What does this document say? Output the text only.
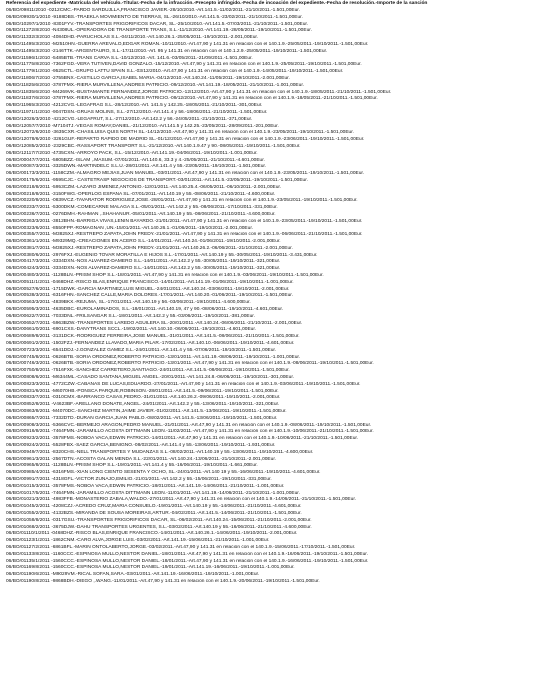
Referencia del expediente -Matrícula del vehículo.-Titular.-Fecha de la infracción.-Precepto infringido.-Fecha de incoación del expediente.-Fecha de resolución.-Importe de la sanción
06/BO/09811/2010 -0212CMC.-PARDO SARDUJLLA,FRANCISCO JAVIER.-28/10/2010.-Art.141.5.-11/02/2011.-21/10/2011.-1.501,00Eur.
06/BO/09930/1/2010 -9188DBS.-TRAEKLA MOVIMIENTO DE TIERRAS, SL.-26/10/2010.-Art.141.5.-23/02/2011.-21/10/2011.-1.501,00Eur.
06/BO/10297/1/2010 -8301FYV.-TRANSPORTES FRIGORIFICOS DACAR, SL.-25/10/2010.-Art.141.5.-07/03/2011.-21/10/2011.-1.501,00Eur.
06/BO/11272/8/2010 -N4308UL.-OPERADORA DE TRANSPORTE TRANS, S.L.-11/12/2010.-Art.141.19.-28/05/2011.-19/10/2011.-1.501,00Eur.
06/BO/11332/3/2010 -4084DHD.-PARUCHOLAS S.L.-04/11/2010.-Art.140.26.1.-25/05/2011.-19/10/2011.-2.001,00Eur.
06/BO/11495/3/2010 -M2510HN.-GUERRA AREVALO,EDGAR ROMAN.-10/11/2010.-Art.47,90 y 141.31 en relación con el 140.1.9.-25/05/2011.-19/10/2011.-1.501,00Eur.
06/BO/11495/3/2010 -2146TTK.-ARGENTAURO, S.L.-17/11/2010.-Art. 95 y 141.31 en relación con el 140.1.2.9.-25/05/2011.-19/10/2011.-1.501,00Eur.
06/BO/11596/1/2010 -5485BTB.-TRANS CARVA S.L.-10/12/2010.-Art. 141.6.-03/05/2011.-21/09/2011.-1.501,00Eur.
06/BO/11775/8/2010 -7362FGD.-VERA TUTIVEN,DAVID GONZALO.-15/12/2010.-Art.47,90 y 141.31 en relación con el 140.1.9.-25/05/2011.-19/10/2011.-1.501,00Eur.
06/BO/11779/1/2010 -9525CTL.-GRUPO LATTU SPAIN S.L.-03/12/2010.-Art.47,90 y 141.31 en relación con el 140.1.9.-14/05/2011.-19/10/2011.-1.501,00Eur.
06/BO/11806/7/2010 -2755BNX.-CASTILLO GARCIA,ISABEL MARIA.-04/12/2010.-Art.140.24.-11/05/2011.-19/10/2011.-2.001,00Eur.
06/BO/11825/6/2010 -3787FMX.-RIERA MURVILLENA,ANDRES PATRICIO.-09/12/2010.-Art.141.19.-18/05/2011.-21/10/2011.-1.001,00Eur.
06/BO/11835/6/2010 -M4269VK.-BUSTAMANTE FERNANDEZ,JORGE PATRICIO.-12/12/2010.-Art.47,90 y 141.31 en relación con el 140.1.9.-18/05/2011.-21/10/2011.-1.501,00Eur.
06/BO/11837/6/2010 -3787FMX.-RIERA MURVILLENA,ANDRES PATRICIO.-09/12/2010.-Art.47,90 y 141.31 en relación con el 140.1.9.-18/05/2011.-21/10/2011.-1.501,00Eur.
06/BO/11965/3/2010 -4212CVG.-LEGAFRAG S.L.-28/12/2010.-Art. 141.5 y 142.25.-18/05/2011.-21/10/2011.-301,00Eur.
06/BO/11971/1/2010 -9047DSN.-GRUAS MOLINS, S.L.-27/12/2010.-Art.141.4 y 56.-18/06/2011.-21/10/2011.-1.501,00Eur.
06/BO/12026/3/2010 -4212CVG.-LEGAFRUT, S.L.-27/12/2010.-Art.142.2 y 56.-24/05/2011.-21/10/2011.-371,00Eur.
06/BO/12057/7/2010 -M7104TJ.-VEGAS ROMAY,DANIEL.-21/12/2010.-Art.141.5 y 142.25.-23/05/2011.-28/09/2011.-201,00Eur.
06/BO/12072/6/2010 -3635CXR.-CHASILUISA QUIS NORTH SL.-14/12/2010.-Art.47,90 y 141.31 en relación con el 140.1.9.-23/05/2011.-19/10/2011.-1.501,00Eur.
06/BO/12078/6/2010 -3261GUF.-REPARTO RAPIDO DE MADRID SL.-01/12/2010.-Art.47,90 y 141.31 en relación con el 140.1.9.-23/06/2011.-19/10/2011.-1.501,00Eur.
06/BO/12085/2/2010 -2329CBC.-RASSAPORT TRANSPORT S.L.-21/12/2010.-Art.140.1.9.47 y 90.-08/05/2011.-19/10/2011.-1.501,00Eur.
06/BO/12117/7/2010 -4735CXN.-ARROYO PACK, S.L.-15/12/2010.-Art.141.19.-04/06/2011.-19/10/2011.-1.001,00Eur.
06/BO/00047/7/2011 -5805BZZ.-ISLAM ,.MASUM.-07/01/2011.-Art.140.6, 33.3 y 4.-25/05/2011.-21/10/2011.-4.601,00Eur.
06/BO/00087/3/2011 -3325DWN.-MARTINDELC S.L.U.-28/01/2011.-Art.141.4 y 55.-23/05/2011.-19/10/2011.-1.501,00Eur.
06/BO/00173/3/2011 -1158CZM.-ALMAGRO MEJIAS,JUAN MANUEL.-03/01/2011.-Art.47,90 y 141.31 en relación con el 140.1.9.-23/05/2011.-19/10/2011.-1.501,00Eur.
06/BO/00175/6/2011 -9595CJC.- CASTETRASP NEGOCIOS DE TRANSPORT.-03/01/2011.-Art.141.5.-23/05/2011.-19/10/2011.-1.501,00Eur.
06/BO/00218/8/2011 -5953CZM.-LAZARO JIMENEZ,ANTONIO.-12/01/2011.-Art.140.25.4.-06/05/2011.-06/10/2011.-2.001,00Eur.
06/BO/00218/8/2011 -3150FWG.-OPERLOG ESPAÑA SL.-07/01/2011.-Art.140.19 y 55.-08/06/2011.-21/10/2011.-4.600,00Eur.
06/BO/00220/8/2011 -0839VCZ.-TAVARATOR RODRIGUEZ,JOSE.-28/01/2011.-Art.47,90 y 141.31 en relación con el 140.1.9.-23/05/2011.-19/10/2011.-1.501,00Eur.
06/BO/00233/7/2011 -5300DKM.-COMECARNE MALAGA S.L.-05/01/2011.-Art.142.2 y 55.-08/06/2011.-17/10/2011.-331,00Eur.
06/BO/00236/7/2011 -0276DMH.-RAHMAN ,.SHAHANUR.-05/01/2011.-Art.140.19 y 55.-08/06/2011.-21/10/2011.-4.600,00Eur.
06/BO/00263/3/2011 -3812BHN.-BARRIGA VIVAS,LENIN BAYARDO.-21/01/2011.-Art.47,90 y 141.31 en relación con el 140.1.9.-23/05/2011.-19/10/2011.-1.501,00Eur.
06/BO/00323/6/2011 -8550FPP.-ROMAGNAN ,UN.-15/01/2011.-Art.140.26.1.-01/06/2011.-19/10/2011.-2.001,00Eur.
06/BO/00355/7/2011 -M3825XJ.-RESTREPO ZAPATA,JOHN FREDY.-21/01/2011.-Art.47,90 y 141.31 en relación con el 140.1.9.-06/06/2011.-21/10/2011.-1.501,00Eur.
06/BO/00361/1/2011 -M9329MQ.-CREACIONES EN ACERO S.L.-14/01/2011.-Art.140.24.-01/06/2011.-19/10/2011.-2.001,00Eur.
06/BO/00381/7/2011 -M3825XJ.-RESTREPO ZAPATA,JOHN FREDY.-21/01/2011.-Art.140.26.2.-06/06/2011.-21/10/2011.-2.001,00Eur.
06/BO/00380/6/2011 -2976FXJ.-EUGENIO TOVAR MORATILLA E HIJOS S.L.-17/01/2011.-Art.140.19 y 55.-30/05/2011.-19/10/2011.-3.431,00Eur.
06/BO/00417/3/2011 -3334DXN.-NOS ALVAREZ-DAMERO S.L.-14/01/2011.-Art.142.2 y 55.-30/05/2011.-19/10/2011.-321,00Eur.
06/BO/00424/3/2011 -3334DXN.-NOS ALVAREZ-DAMERO S.L.-14/01/2011.-Art.142.2 y 55.-30/05/2011.-19/10/2011.-321,00Eur.
06/BO/00480/3/2011 -1128BLN.-PRISM SHOP S.L.-18/01/2011.-Art.47,90 y 141.31 en relación con el 140.1.9.-03/06/2011.-19/10/2011.-1.501,00Eur.
06/BO/00511/1/2011 -0468DHZ.-RISCO BLAS,ENRIQUE FRANCISCO.-14/01/2011.-Art.141.19.-01/06/2011.-19/10/2011.-1.001,00Eur.
06/BO/00527/6/2011 -1715DWK.-GARCIA MARTINEZ,LUIS MIGUEL.-24/01/2011.-Art.140.24.-03/06/2011.-19/10/2011.-2.001,00Eur.
06/BO/00538/3/2011 -6316FHN.-SANCHEZ CALLE,MARIA DOLORES.-17/01/2011.-Art.140.20.-01/06/2011.-19/10/2011.-1.501,00Eur.
06/BO/00563/3/2011 -4839BKX.-REJUMA, SL.-17/01/2011.-Art.140.19 y 56.-03/06/2011.-19/10/2011.-4.600,00Eur.
06/BO/00595/3/2011 -4635DBC.-EUROLAMINADOS, S.L.-18/01/2011.-Art.140.19, 47 y 90.-08/06/2011.-19/10/2011.-4.601,00Eur.
06/BO/00622/7/2011 -7033DNL.-FRILSANGAR S.L.-18/01/2011.-Art.142.2 y 55.-03/06/2011.-19/10/2011.-381,00Eur.
06/BO/00652/7/2011 -5963BZW.-TRANSPORTES LAREDO AGUILERA SL.-20/01/2011.-Art.140.24.-06/06/2011.-21/10/2011.-2.001,00Eur.
06/BO/00661/0/2011 -6901CXS.-DANYTRANS SCCL.-19/02/2011.-Art.140.10.-06/06/2011.-19/10/2011.-4.601,00Eur.
06/BO/00689/8/2011 -3131DCK.-RODRIGUEZ FERREIRA,JOSE MANUEL.-31/01/2011.-Art.141.5.-08/06/2011.-21/10/2011.-1.501,00Eur.
06/BO/00691/2/2011 -1502FZJ.-FERNANDEZ LLAVADO,MARIA PILAR.-17/02/2011.-Art.140.10.-06/06/2011.-19/10/2011.-4.601,00Eur.
06/BO/00723/3/2011 -6541DDJ.-J.GONZALEZ GAMEZ S.L.-24/01/2011.-Art.141.4 y 55.-07/06/2011.-19/10/2011.-1.501,00Eur.
06/BO/00745/8/2011 -0626BTB.-SORIA ORDOÑEZ,ROBERTO PATRICIO.-13/01/2011.-Art.141.19.-08/06/2011.-19/10/2011.-1.001,00Eur.
06/BO/00746/3/2011 -0626BTB.-SORIA ORDOÑEZ,ROBERTO PATRICIO.-13/01/2011.-Art.47,90 y 141.31 en relación con el 140.1.9.-08/06/2011.-19/10/2011.-1.501,00Eur.
06/BO/00750/8/2011 -7516FXK.-SANCHEZ CARRETERO,SANTIAGO.-24/01/2011.-Art.141.5.-08/06/2011.-19/10/2011.-1.501,00Eur.
06/BO/00808/6/2011 -M6344ML.-CASADO SANTANA,MIGUEL ANGEL.-20/01/2011.-Art.141.24.8.-06/06/2011.-19/10/2011.-301,00Eur.
06/BO/00823/3/2011 -4772CZW.-CABAÑAS DE LUCAS,EDUARDO.-27/01/2011.-Art.47,90 y 141.31 en relación con el 140.1.9.-03/06/2011.-19/10/2011.-1.501,00Eur.
06/BO/00831/6/2011 -M6070HB.-PONSCA PARQUE,ROBINSON.-28/01/2011.-Art.141.5.-09/06/2011.-19/10/2011.-1.501,00Eur.
06/BO/00833/7/2011 -0310CMX.-BARRANCO CASAS,PEDRO.-31/01/2011.-Art.140.26.2.-09/06/2011.-19/10/2011.-2.001,00Eur.
06/BO/00852/8/2011 -V4623BF.-ARELLANO DONATE,ANGEL.-24/01/2011.-Art.142.2 y 55.-13/06/2011.-19/10/2011.-321,00Eur.
06/BO/00863/8/2011 -M4070DC.-SANCHEZ MARTIN,JAIME JAVIER.-01/02/2011.-Art.141.5.-13/06/2011.-19/10/2011.-1.501,00Eur.
06/BO/00865/7/2011 -7332DTD.-DURAN GARCIA,JUAN PABLO.-08/02/2011.-Art.141.5.-13/06/2011.-19/10/2011.-1.501,00Eur.
06/BO/00908/3/2011 -5366CVC.-BERMEJO ARAGON,PEDRO MANUEL.-21/01/2011.-Art.47,90 y 141.31 en relación con el 140.1.9.-08/06/2011.-19/10/2011.-1.501,00Eur.
06/BO/00916/8/2011 -7464FMN.-JARAMILLO ACOSTA DITTMANN LEON.-11/02/2011.-Art.47,90 y 141.31 en relación con el 140.1.9.-10/06/2011.-21/10/2011.-1.501,00Eur.
06/BO/00923/2/2011 -3578FMS.-NOBOA VACA,EDWIN PATRICIO.-14/01/2011.-Art.47,90 y 141.31 en relación con el 140.1.9.-10/06/2011.-21/10/2011.-1.501,00Eur.
06/BO/00924/2/2011 -5528FBX.-SAEZ GARCIA,BENIGNO.-08/02/2011.-Art.141.4 y 55.-13/06/2011.-19/10/2011.-1.931,00Eur.
06/BO/00949/7/2011 -8320CHS.-NELL TRANSPORTES Y MUDANZAS S.L.-08/02/2011.-Art.140.19 y 55.-13/06/2011.-19/10/2011.-4.600,00Eur.
06/BO/00961/3/2011 -2567DTN.-ACOSTA GALAN MENDA S.L.-22/01/2011.-Art.140.24.-13/06/2011.-21/10/2011.-2.001,00Eur.
06/BO/00965/8/2011 -1128BLN.-PRISM SHOP S.L.-19/01/2011.-Art.141.4 y 55.-16/06/2011.-19/10/2011.-1.661,00Eur.
06/BO/00985/4/2011 -6316FMS.-XIAN LONG CIENTO SESENTA Y OCHO, SL.-24/01/2011.-Art.140 19 y 55.-16/06/2011.-19/10/2011.-4.601,00Eur.
06/BO/00991/7/2011 -4318GFL.-VICTOR ZUNAJO,EMILIO.-21/01/2011.-Art.142.2 y 55.-15/06/2011.-19/10/2011.-331,00Eur.
06/BO/01015/3/2011 -3578FMS.-NOBOA VACA,EDWIN PATRICIO.-18/01/2011.-Art.141.19.-14/06/2011.-21/10/2011.-1.001,00Eur.
06/BO/01017/5/2011 -7464FMN.-JARAMILLO ACOSTA DITTMANN LEON.-11/01/2011.-Art.141.19.-14/06/2011.-21/10/2011.-1.001,00Eur.
06/BO/01021/3/2011 -4983FFB.-MONASTERIO ZABALA,WALDO.-27/01/2011.-Art.47,90 y 141.31 en relación con el 140.1.9.-14/06/2011.-21/10/2011.-1.501,00Eur.
06/BO/01045/2/2011 -4208CZJ.-ACREDO CRUZ,MARIA CONSUELO.-19/01/2011.-Art.140.19 y 55.-14/06/2011.-21/10/2011.-4.601,00Eur.
06/BO/01055/2/2011 -4132BZS.-MIRANDA DE SOUSA MOREIRAS,ARTUR.-04/02/2011.-Art.141.5.-14/06/2011.-21/10/2011.-1.501,00Eur.
06/BO/01058/8/2011 -0317GSU.-TRANSPORTES FRIGORIFICOS DACAR, SL.-06/02/2011.-Art.140.24.-15/06/2011.-21/10/2011.-2.001,00Eur.
06/BO/01068/2/2011 -3675DJW.-DAHU TRANSPORTES URGENTES, S.L.-03/02/2011.-Art.140.19 y 55.-16/06/2011.-21/10/2011.-4.600,00Eur.
06/BO/01110/1/2011 -0468DHZ.-RISCO BLAS,ENRIQUE FRANCISCO.-14/01/2011.-Art.140.26.1.-14/06/2011.-19/10/2011.-2.001,00Eur.
06/BO/01123/1/2011 -1862CNM.-CARO ALVA,JORGE LUIS.-03/02/2011.-Art.141.19.-15/06/2011.-21/10/2011.-1.001,00Eur.
06/BO/01127/2/2011 -6861BFL.-MARIN ONTOLABERTO,JORGE.-03/02/2011.-Art.47,90 y 141.31 en relación con el 140.1.9.-15/06/2011.-17/10/2011.-1.501,00Eur.
06/BO/01133/8/2011 -1160CCC.-ESPINOSA MULLO,NESTOR DANIEL.-18/01/2011.-Art.47,90 y 141.31 en relación con el 140.1.9.-16/06/2011.-19/10/2011.-1.501,00Eur.
06/BO/01135/1/2011 -1560CCC.-ESPINOSA MULLO,NESTOR DANIEL.-18/01/2011.-Art.47,90 y 141.31 en relación con el 140.1.9.-16/06/2011.-19/10/2011.-1.501,00Eur.
06/BO/01169/8/2011 -1560CCC.-ESPINOSA MULLO,NESTOR DANIEL.-19/01/2011.-Art.141.19.-16/06/2011.-19/10/2011.-1.001,00Eur.
06/BO/01190/6/2011 -M9029VM.-RICAL SOFAN,SARA.-03/01/2011.-Art.141.19.-16/06/2011.-19/10/2011.-1.001,00Eur.
06/BO/01190/8/2011 -9868BDH.-DIEGO ,.WANG.-11/01/2011.-Art.47,90 y 141.31 en relación con el 140.1.9.-20/06/2011.-19/10/2011.-1.501,00Eur.
